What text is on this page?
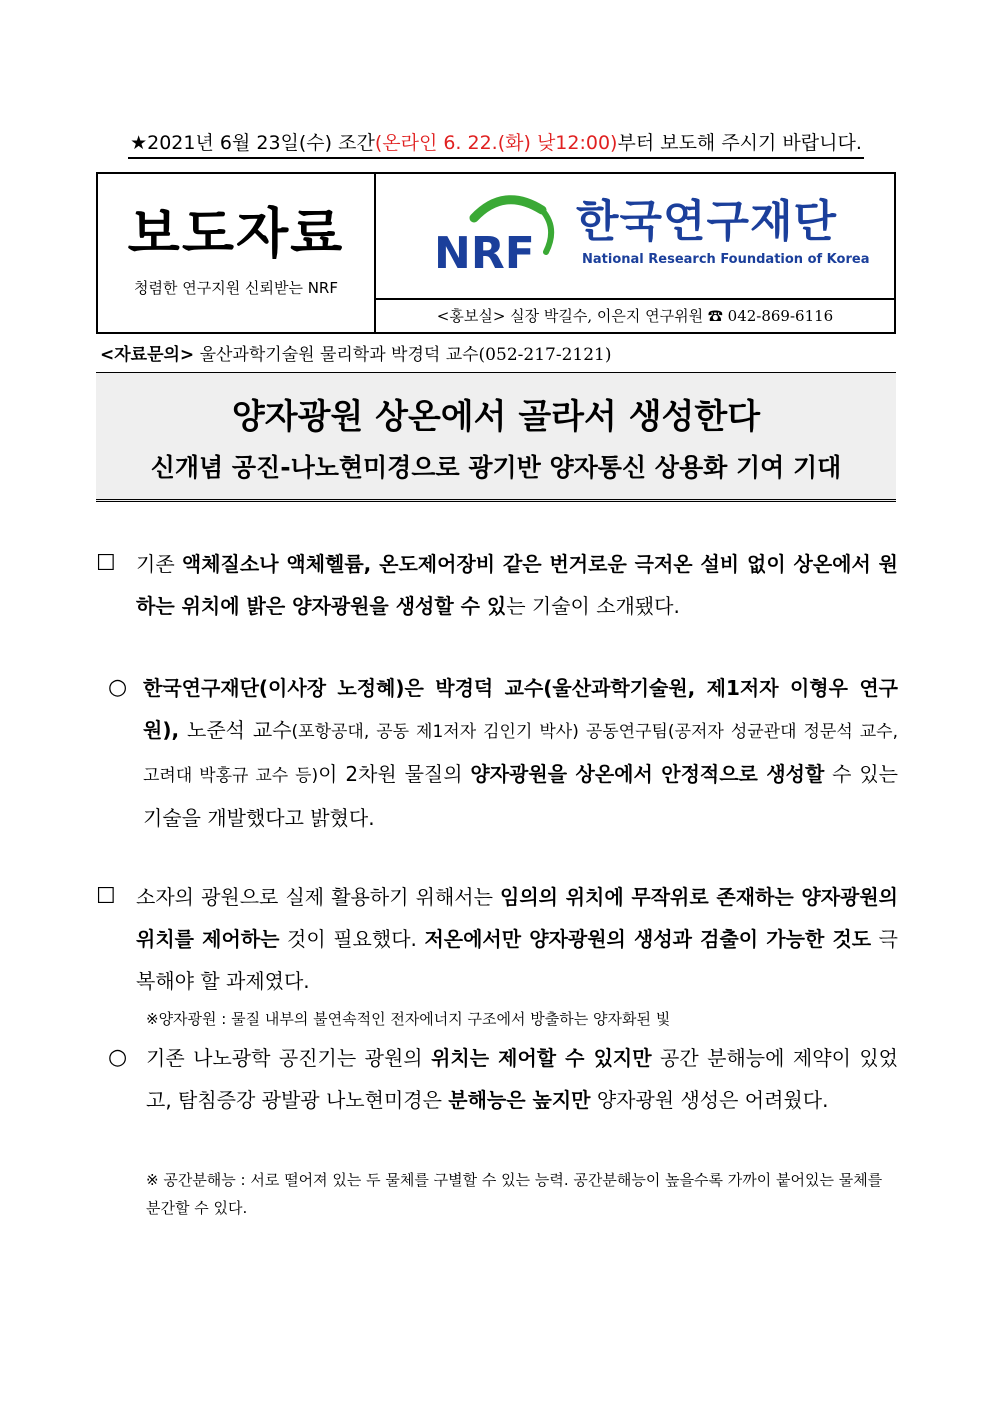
★2021년 6월 23일(수) 조간(온라인 6. 22.(화) 낮12:00)부터 보도해 주시기 바랍니다.
보도자료
청렴한 연구지원 신뢰받는 NRF
NRF
한국연구재단
National Research Foundation of Korea
<홍보실> 실장 박길수, 이은지 연구위원 ☎ 042-869-6116
<자료문의> 울산과학기술원 물리학과 박경덕 교수(052-217-2121)
양자광원 상온에서 골라서 생성한다
신개념 공진-나노현미경으로 광기반 양자통신 상용화 기여 기대
☐ 기존 액체질소나 액체헬륨, 온도제어장비 같은 번거로운 극저온 설비 없이 상온에서 원하는 위치에 밝은 양자광원을 생성할 수 있는 기술이 소개됐다.
○ 한국연구재단(이사장 노정혜)은 박경덕 교수(울산과학기술원, 제1저자 이형우 연구원), 노준석 교수(포항공대, 공동 제1저자 김인기 박사) 공동연구팀(공저자 성균관대 정문석 교수, 고려대 박홍규 교수 등)이 2차원 물질의 양자광원을 상온에서 안정적으로 생성할 수 있는 기술을 개발했다고 밝혔다.
☐ 소자의 광원으로 실제 활용하기 위해서는 임의의 위치에 무작위로 존재하는 양자광원의 위치를 제어하는 것이 필요했다. 저온에서만 양자광원의 생성과 검출이 가능한 것도 극복해야 할 과제였다.
※양자광원 : 물질 내부의 불연속적인 전자에너지 구조에서 방출하는 양자화된 빛
○ 기존 나노광학 공진기는 광원의 위치는 제어할 수 있지만 공간 분해능에 제약이 있었고, 탐침증강 광발광 나노현미경은 분해능은 높지만 양자광원 생성은 어려웠다.
※ 공간분해능 : 서로 떨어져 있는 두 물체를 구별할 수 있는 능력. 공간분해능이 높을수록 가까이 붙어있는 물체를 분간할 수 있다.
